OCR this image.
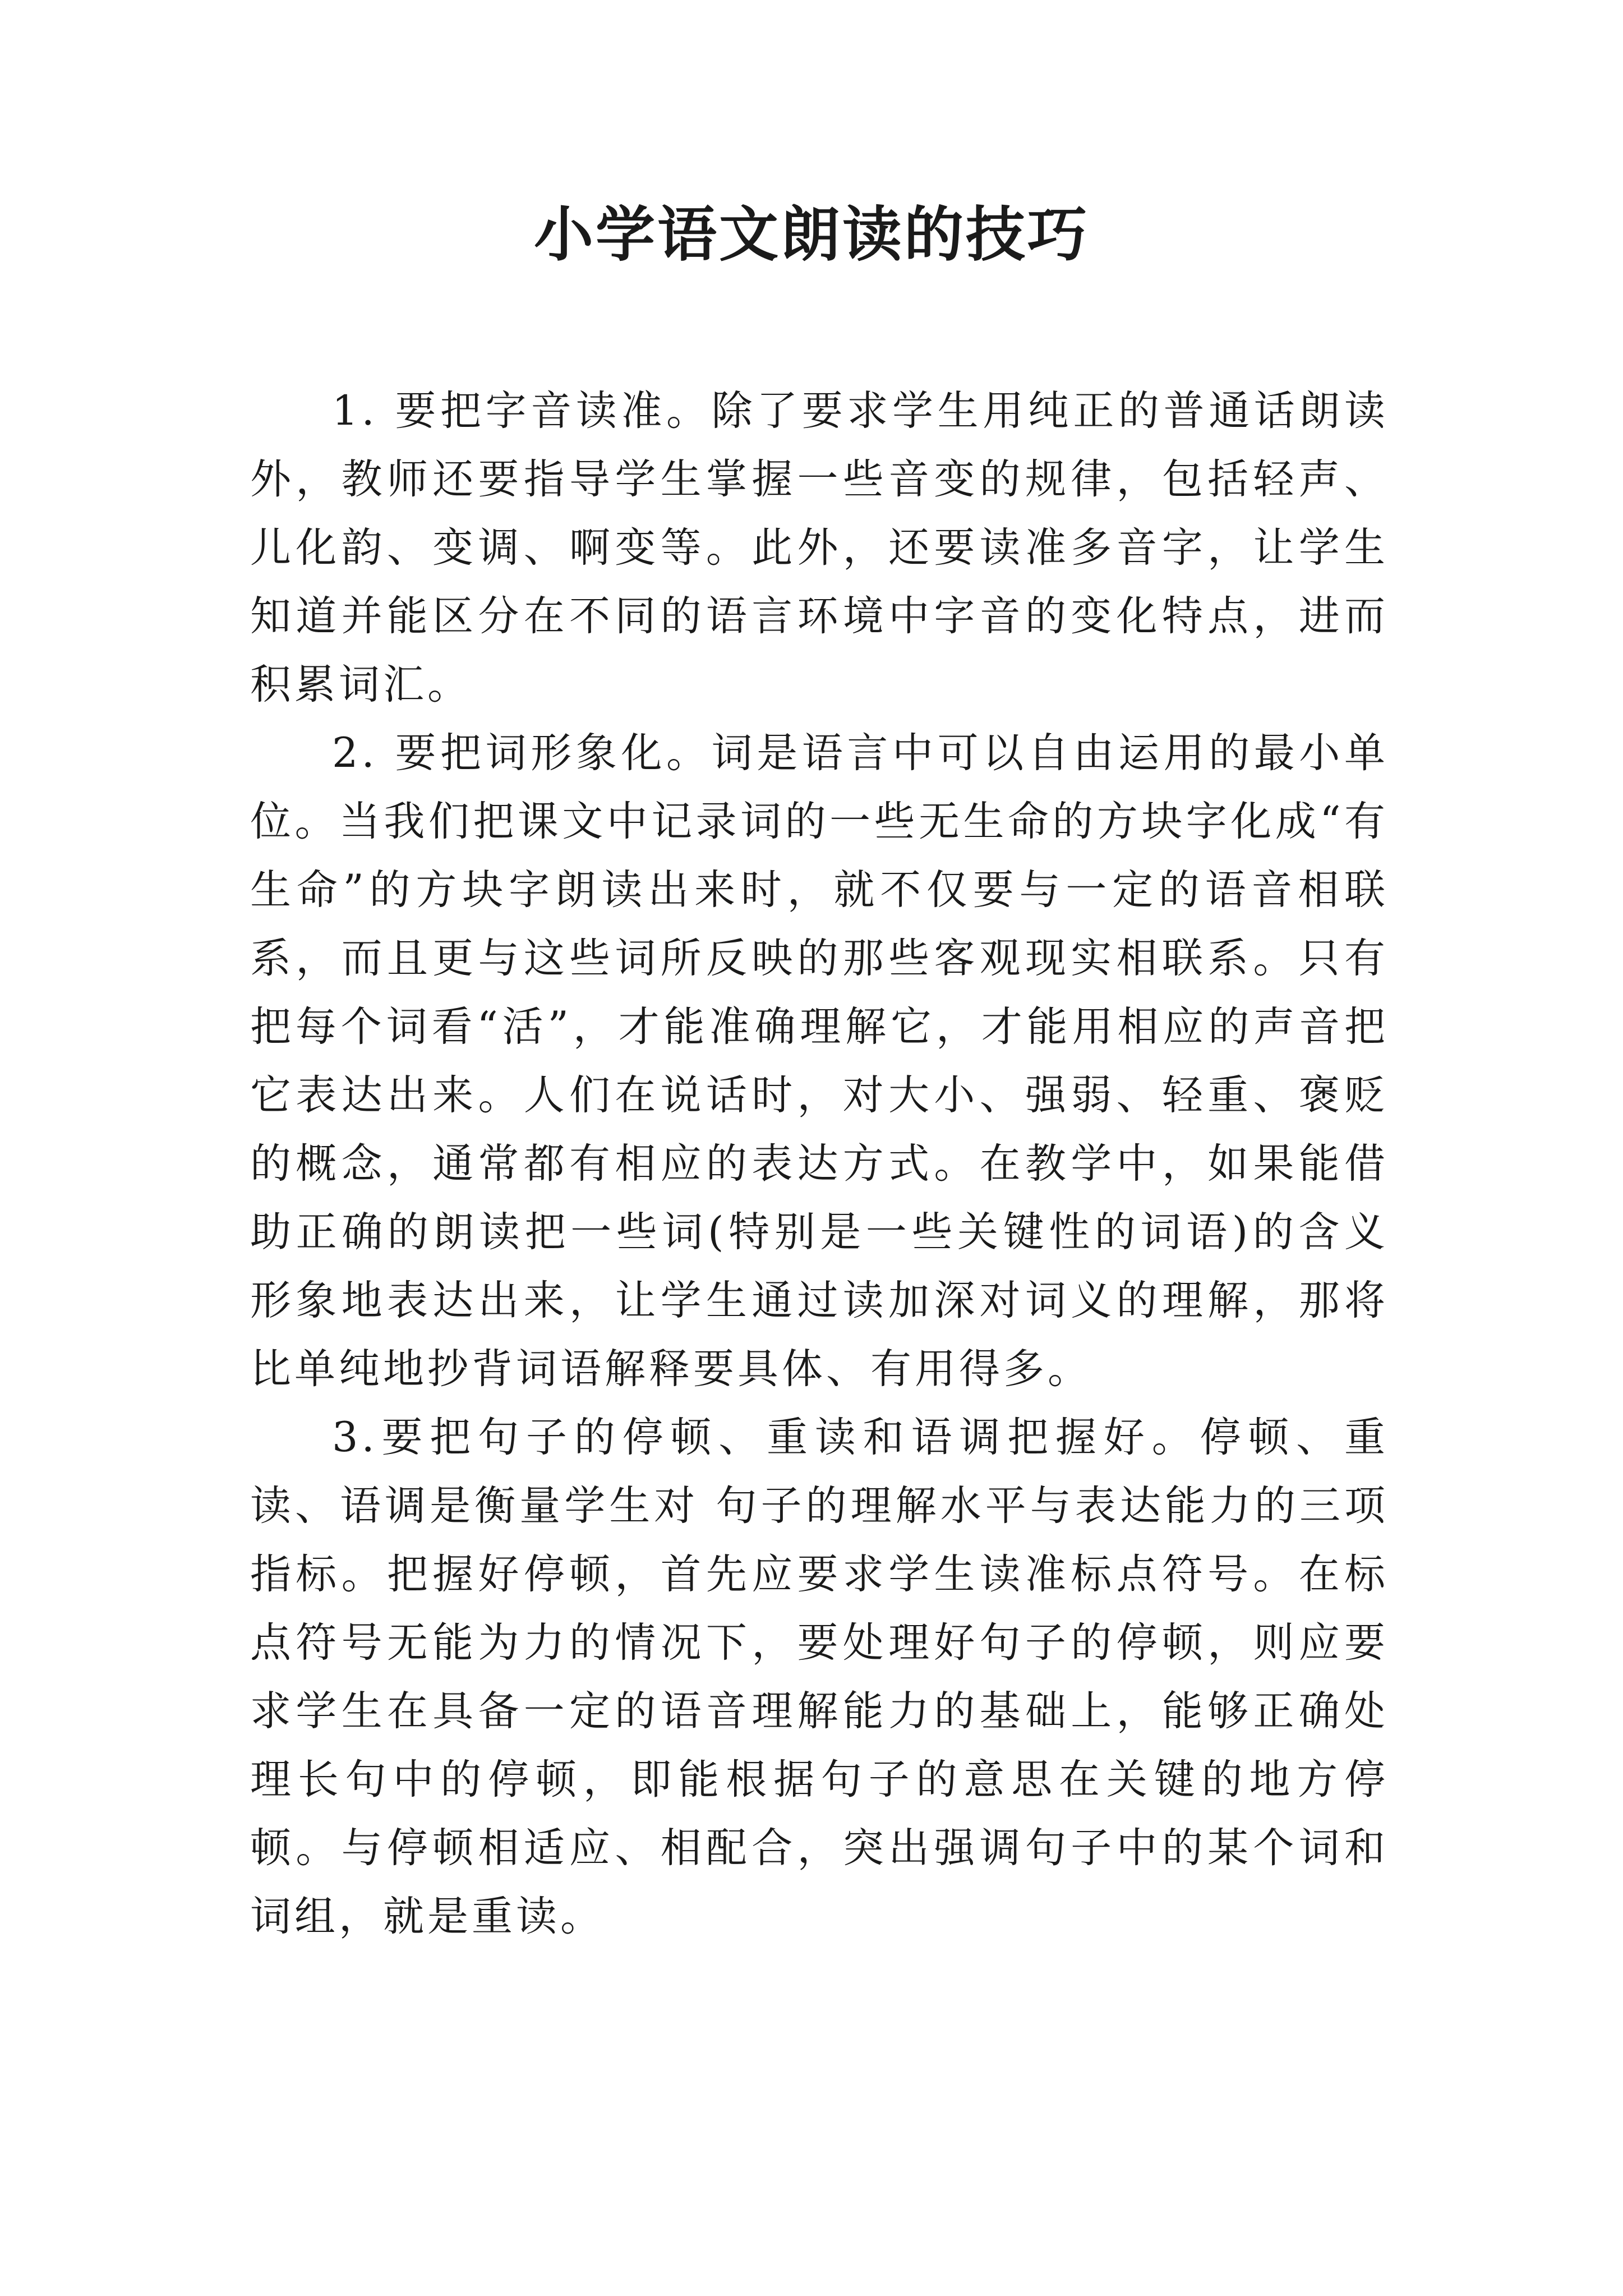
小学语文朗读的技巧

1. 要把字音读准。除了要求学生用纯正的普通话朗读外，教师还要指导学生掌握一些音变的规律，包括轻声、儿化韵、变调、啊变等。此外，还要读准多音字，让学生知道并能区分在不同的语言环境中字音的变化特点，进而积累词汇。

2. 要把词形象化。词是语言中可以自由运用的最小单位。当我们把课文中记录词的一些无生命的方块字化成“有生命”的方块字朗读出来时，就不仅要与一定的语音相联系，而且更与这些词所反映的那些客观现实相联系。只有把每个词看“活”，才能准确理解它，才能用相应的声音把它表达出来。人们在说话时，对大小、强弱、轻重、褒贬的概念，通常都有相应的表达方式。在教学中，如果能借助正确的朗读把一些词(特别是一些关键性的词语)的含义形象地表达出来，让学生通过读加深对词义的理解，那将比单纯地抄背词语解释要具体、有用得多。

3.要把句子的停顿、重读和语调把握好。停顿、重读、语调是衡量学生对 句子的理解水平与表达能力的三项指标。把握好停顿，首先应要求学生读准标点符号。在标点符号无能为力的情况下，要处理好句子的停顿，则应要求学生在具备一定的语音理解能力的基础上，能够正确处理长句中的停顿，即能根据句子的意思在关键的地方停顿。与停顿相适应、相配合，突出强调句子中的某个词和词组，就是重读。
